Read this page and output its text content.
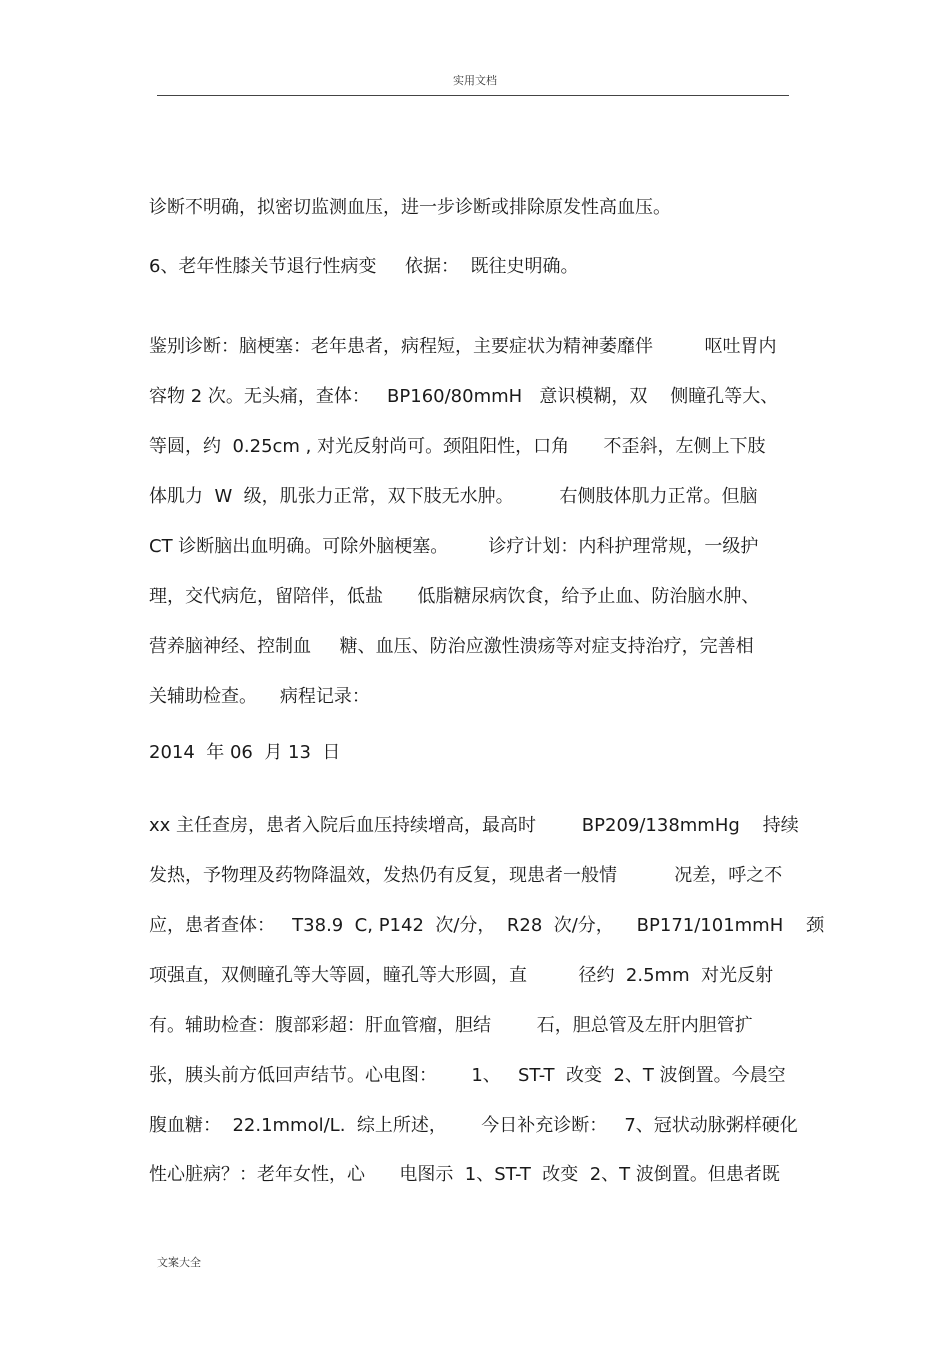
实用文档
诊断不明确，拟密切监测血压，进一步诊断或排除原发性高血压。
6、老年性膝关节退行性病变     依据：  既往史明确。
鉴别诊断：脑梗塞：老年患者，病程短，主要症状为精神萎靡伴         呕吐胃内
容物 2 次。无头痛，查体：   BP160/80mmH   意识模糊，双    侧瞳孔等大、
等圆，约  0.25cm , 对光反射尚可。颈阻阳性，口角      不歪斜，左侧上下肢
体肌力  W  级，肌张力正常，双下肢无水肿。        右侧肢体肌力正常。但脑
CT 诊断脑出血明确。可除外脑梗塞。       诊疗计划：内科护理常规，一级护
理，交代病危，留陪伴，低盐      低脂糖尿病饮食，给予止血、防治脑水肿、
营养脑神经、控制血     糖、血压、防治应激性溃疡等对症支持治疗，完善相
关辅助检查。    病程记录：
2014  年 06  月 13  日
xx 主任查房，患者入院后血压持续增高，最高时        BP209/138mmHg    持续
发热，予物理及药物降温效，发热仍有反复，现患者一般情          况差，呼之不
应，患者查体：   T38.9  C, P142  次/分，  R28  次/分，    BP171/101mmH    颈
项强直，双侧瞳孔等大等圆，瞳孔等大形圆，直         径约  2.5mm  对光反射
有。辅助检查：腹部彩超：肝血管瘤，胆结        石，胆总管及左肝内胆管扩
张，胰头前方低回声结节。心电图：      1、   ST-T  改变  2、T 波倒置。今晨空
腹血糖：  22.1mmol/L.  综上所述，      今日补充诊断：   7、冠状动脉粥样硬化
性心脏病？：老年女性，心      电图示  1、ST-T  改变  2、T 波倒置。但患者既
文案大全
